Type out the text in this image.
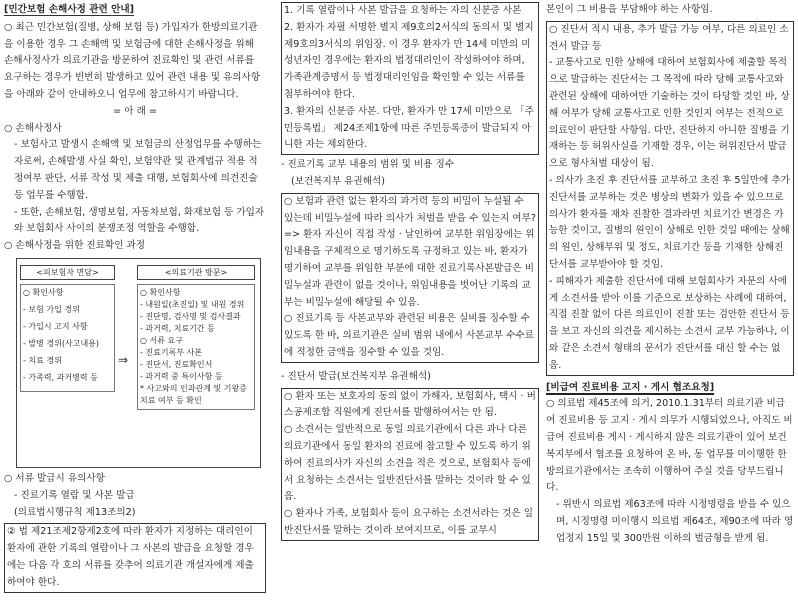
[민간보험 손해사정 관련 안내]

○ 최근 민간보험(질병, 상해 보험 등) 가입자가 한방의료기관을 이용한 경우 그 손해액 및 보험금에 대한 손해사정을 위해 손해사정사가 의료기관을 방문하여 진료확인 및 관련 서류를 요구하는 경우가 빈번히 발생하고 있어 관련 내용 및 유의사항을 아래와 같이 안내하오니 업무에 참고하시기 바랍니다.

= 아 래 =

○ 손해사정사

- 보험사고 발생시 손해액 및 보험금의 산정업무를 수행하는 자로써, 손해발생 사실 확인, 보험약관 및 관계법규 적용 적정여부 판단, 서류 작성 및 제출 대행, 보험회사에 의견진술 등 업무를 수행함.

- 또한, 손해보험, 생명보험, 자동차보험, 화재보험 등 가입자와 보험회사 사이의 분쟁조정 역할을 수행함.

○ 손해사정을 위한 진료확인 과정

<피보험자 면담>

○ 확인사항

- 보험 가입 경위

- 가입시 고지 사항

- 발병 경위(사고내용)

- 치료 경위

- 가족력, 과거병력 등

⇒
<의료기관 방문>

○ 확인사항

- 내원일(초진일) 및 내원 경위

- 진단명, 검사명 및 검사결과

- 과거력, 치료기간 등

○ 서류 요구

- 진료기록부 사본

- 진단서, 진료확인서

- 과거력 중 특이사항 등

* 사고와의 인과관계 및 기왕증

치료 여부 등 확인

○ 서류 발급시 유의사항

- 진료기록 열람 및 사본 발급

(의료법시행규칙 제13조의2)

② 법 제21조제2항제2호에 따라 환자가 지정하는 대리인이 환자에 관한 기록의 열람이나 그 사본의 발급을 요청할 경우에는 다음 각 호의 서류를 갖추어 의료기관 개설자에게 제출하여야 한다.

1. 기록 열람이나 사본 발급을 요청하는 자의 신분증 사본
2. 환자가 자필 서명한 별지 제9호의2서식의 동의서 및 별지 제9호의3서식의 위임장. 이 경우 환자가 만 14세 미만의 미성년자인 경우에는 환자의 법정대리인이 작성하여야 하며, 가족관계증명서 등 법정대리인임을 확인할 수 있는 서류를 첨부하여야 한다.
3. 환자의 신분증 사본. 다만, 환자가 만 17세 미만으로 「주민등록법」 제24조제1항에 따른 주민등록증이 발급되지 아니한 자는 제외한다.

- 진료기록 교부 내용의 범위 및 비용 징수

(보건복지부 유권해석)

○ 보험과 관련 없는 환자의 과거력 등의 비밀이 누설될 수 있는데 비밀누설에 따라 의사가 처벌을 받을 수 있는지 여부?
=> 환자 자신이 직접 작성 · 날인하여 교부한 위임장에는 위임내용을 구체적으로 명기하도록 규정하고 있는 바, 환자가 명기하여 교부를 위임한 부분에 대한 진료기록사본발급은 비밀누설과 관련이 없을 것이나, 위임내용을 벗어난 기록의 교부는 비밀누설에 해당될 수 있음.
○ 진료기록 등 사본교부와 관련된 비용은 실비를 징수할 수 있도록 한 바, 의료기관은 실비 범위 내에서 사본교부 수수료에 적정한 금액을 징수할 수 있을 것임.

- 진단서 발급(보건복지부 유권해석)

○ 환자 또는 보호자의 동의 없이 가해자, 보험회사, 택시 · 버스공제조합 직원에게 진단서를 발행하여서는 안 됨.
○ 소견서는 일반적으로 동일 의료기관에서 다른 과나 다른 의료기관에서 동일 환자의 진료에 참고할 수 있도록 하기 위하여 진료의사가 자신의 소견을 적은 것으로, 보험회사 등에서 요청하는 소견서는 일반진단서를 말하는 것이라 할 수 있음.
○ 환자나 가족, 보험회사 등이 요구하는 소견서라는 것은 일반진단서를 말하는 것이라 보여지므로, 이를 교부시

본인이 그 비용을 부담해야 하는 사항임.

○ 진단서 적시 내용, 추가 발급 가능 여부, 다른 의료인 소견서 발급 등
- 교통사고로 인한 상해에 대하여 보험회사에 제출할 목적으로 발급하는 진단서는 그 목적에 따라 당해 교통사고와 관련된 상해에 대하여만 기술하는 것이 타당할 것인 바, 상해 여부가 당해 교통사고로 인한 것인지 여부는 전적으로 의료인이 판단할 사항임. 다만, 진단하지 아니한 질병을 기재하는 등 허위사실을 기재할 경우, 이는 허위진단서 발급으로 형사처벌 대상이 됨.
- 의사가 초진 후 진단서를 교부하고 초진 후 5일만에 추가 진단서를 교부하는 것은 병상의 변화가 있을 수 있으므로 의사가 환자를 재차 진찰한 결과라면 치료기간 변경은 가능한 것이고, 질병의 원인이 상해로 인한 것일 때에는 상해의 원인, 상해부위 및 정도, 치료기간 등을 기재한 상해진단서를 교부받아야 할 것임.
- 피해자가 제출한 진단서에 대해 보험회사가 자문의 사에게 소견서를 받아 이를 기준으로 보상하는 사례에 대하여, 직접 진찰 없이 다른 의료인이 진찰 또는 검안한 진단서 등을 보고 자신의 의견을 제시하는 소견서 교부 가능하나, 이와 같은 소견서 형태의 문서가 진단서를 대신 할 수는 없음.

[비급여 진료비용 고지 · 게시 협조요청]

○ 의료법 제45조에 의거, 2010.1.31부터 의료기관 비급여 진료비용 등 고지 · 게시 의무가 시행되었으나, 아직도 비급여 진료비용 게시 · 게시하지 않은 의료기관이 있어 보건복지부에서 협조를 요청하여 온 바, 동 업무를 미이행한 한방의료기관에서는 조속히 이행하여 주실 것을 당부드립니다.

- 위반시 의료법 제63조에 따라 시정명령을 받을 수 있으며, 시정명령 미이행시 의료법 제64조, 제90조에 따라 영업정지 15일 및 300만원 이하의 벌금형을 받게 됨.
